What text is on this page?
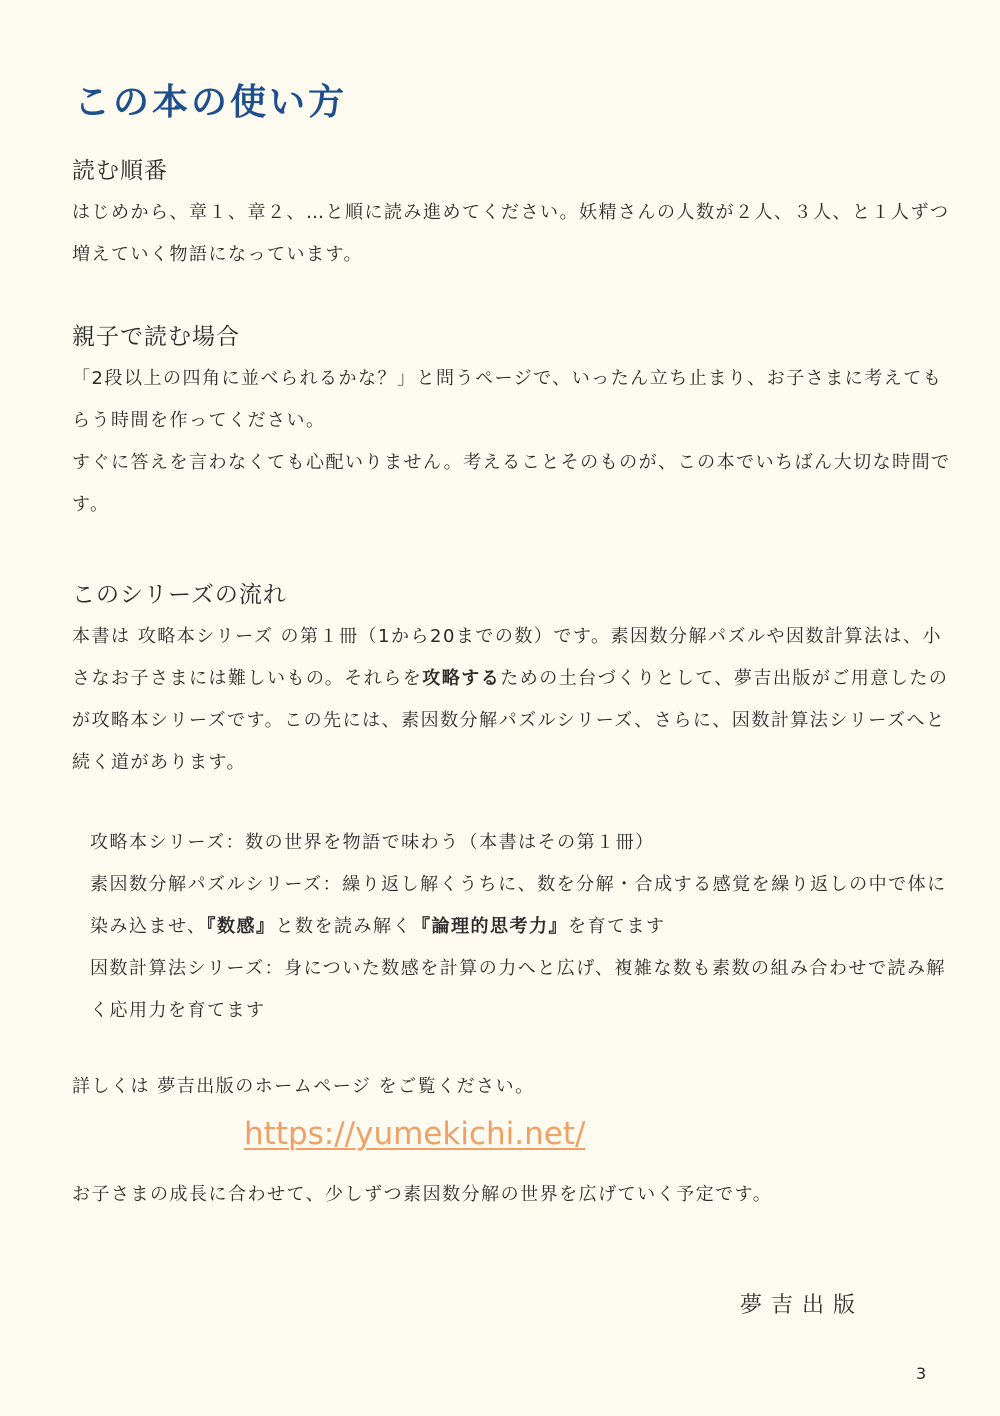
この本の使い方
読む順番

はじめから、章１、章２、…と順に読み進めてください。妖精さんの人数が２人、３人、と１人ずつ増えていく物語になっています。

親子で読む場合

「2段以上の四角に並べられるかな？」と問うページで、いったん立ち止まり、お子さまに考えてもらう時間を作ってください。

すぐに答えを言わなくても心配いりません。考えることそのものが、この本でいちばん大切な時間です。

このシリーズの流れ

本書は 攻略本シリーズ の第１冊（1から20までの数）です。素因数分解パズルや因数計算法は、小さなお子さまには難しいもの。それらを攻略するための土台づくりとして、夢吉出版がご用意したのが攻略本シリーズです。この先には、素因数分解パズルシリーズ、さらに、因数計算法シリーズへと続く道があります。

攻略本シリーズ：数の世界を物語で味わう（本書はその第１冊）

素因数分解パズルシリーズ：繰り返し解くうちに、数を分解・合成する感覚を繰り返しの中で体に染み込ませ、『数感』と数を読み解く『論理的思考力』を育てます

因数計算法シリーズ：身についた数感を計算の力へと広げ、複雑な数も素数の組み合わせで読み解く応用力を育てます

詳しくは 夢吉出版のホームページ をご覧ください。

https://yumekichi.net/

お子さまの成長に合わせて、少しずつ素因数分解の世界を広げていく予定です。

夢吉出版
3
